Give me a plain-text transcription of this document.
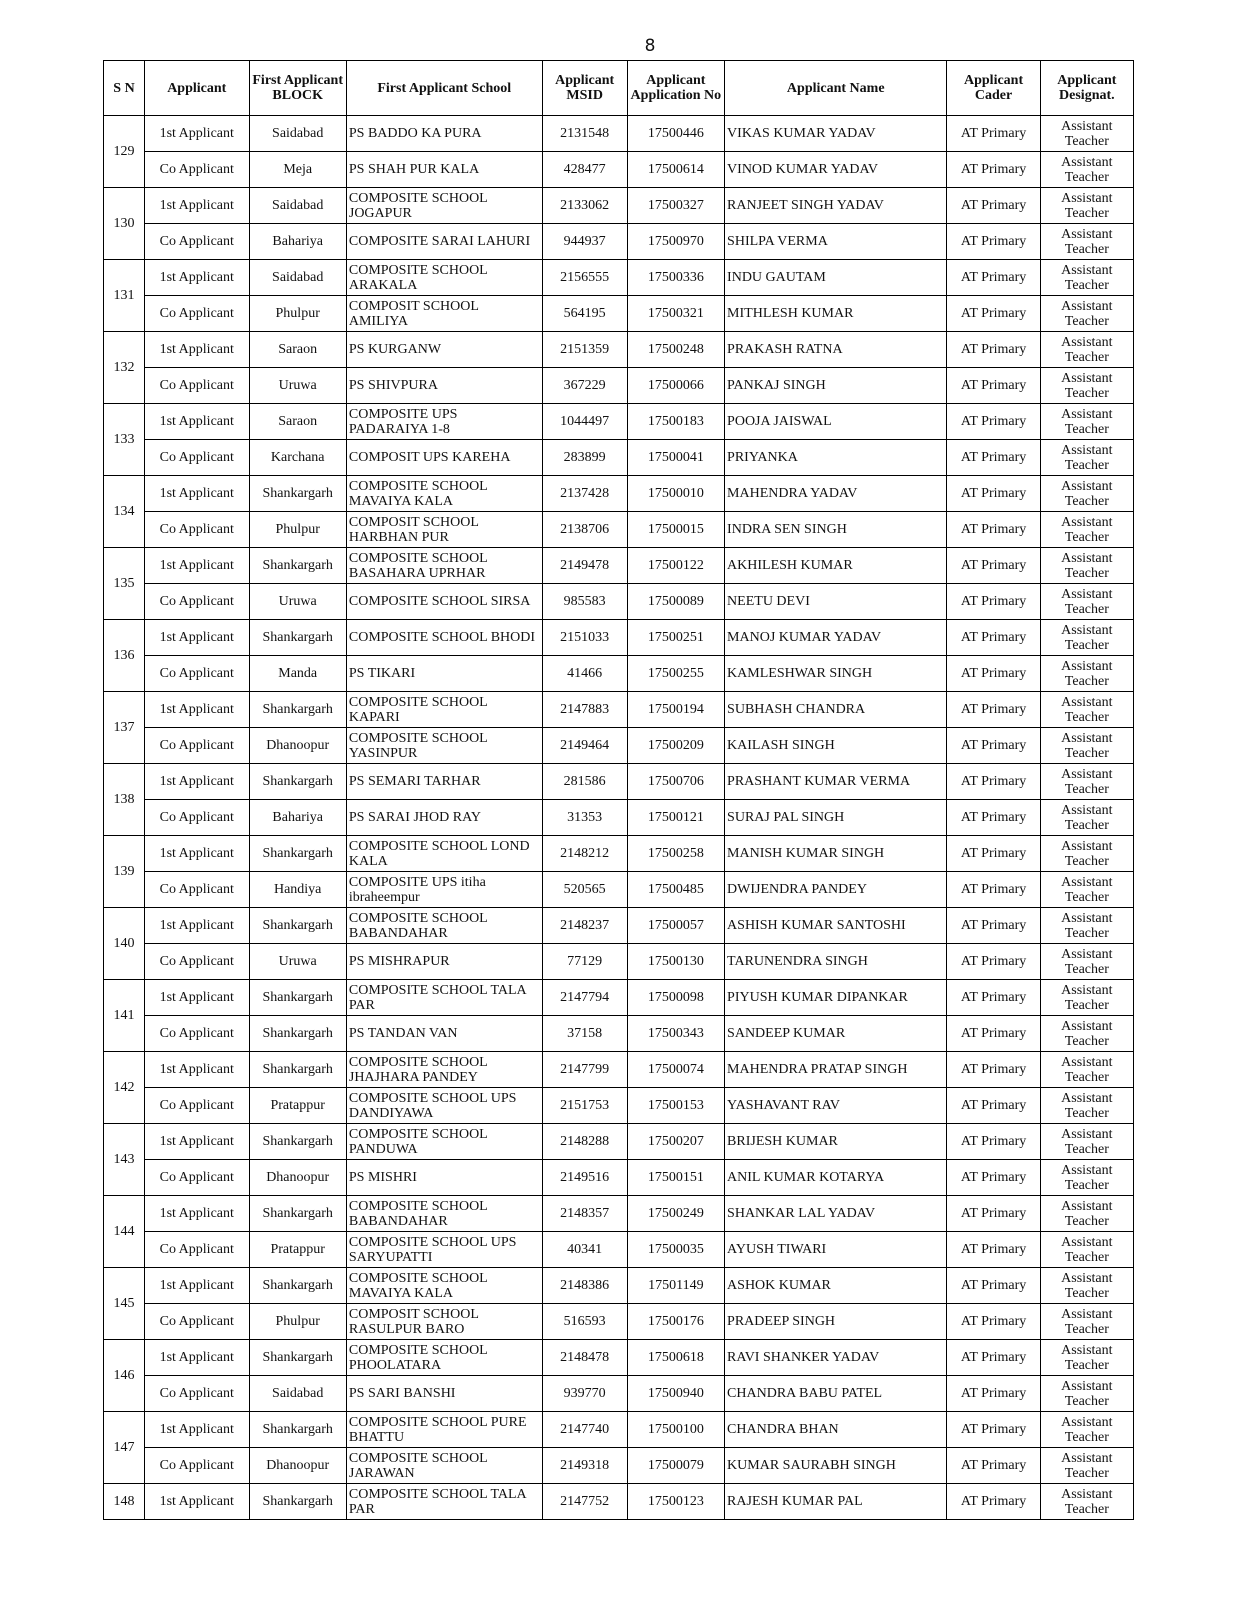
8
S N	Applicant	First Applicant BLOCK	First Applicant School	Applicant MSID	Applicant Application No	Applicant Name	Applicant Cader	Applicant Designat.
129	1st Applicant	Saidabad	PS BADDO KA PURA	2131548	17500446	VIKAS KUMAR YADAV	AT Primary	Assistant Teacher
	Co Applicant	Meja	PS SHAH PUR KALA	428477	17500614	VINOD KUMAR YADAV	AT Primary	Assistant Teacher
130	1st Applicant	Saidabad	COMPOSITE SCHOOL JOGAPUR	2133062	17500327	RANJEET SINGH YADAV	AT Primary	Assistant Teacher
	Co Applicant	Bahariya	COMPOSITE SARAI LAHURI	944937	17500970	SHILPA VERMA	AT Primary	Assistant Teacher
131	1st Applicant	Saidabad	COMPOSITE SCHOOL ARAKALA	2156555	17500336	INDU GAUTAM	AT Primary	Assistant Teacher
	Co Applicant	Phulpur	COMPOSIT SCHOOL AMILIYA	564195	17500321	MITHLESH KUMAR	AT Primary	Assistant Teacher
132	1st Applicant	Saraon	PS KURGANW	2151359	17500248	PRAKASH RATNA	AT Primary	Assistant Teacher
	Co Applicant	Uruwa	PS SHIVPURA	367229	17500066	PANKAJ SINGH	AT Primary	Assistant Teacher
133	1st Applicant	Saraon	COMPOSITE UPS PADARAIYA 1-8	1044497	17500183	POOJA JAISWAL	AT Primary	Assistant Teacher
	Co Applicant	Karchana	COMPOSIT UPS KAREHA	283899	17500041	PRIYANKA	AT Primary	Assistant Teacher
134	1st Applicant	Shankargarh	COMPOSITE SCHOOL MAVAIYA KALA	2137428	17500010	MAHENDRA YADAV	AT Primary	Assistant Teacher
	Co Applicant	Phulpur	COMPOSIT SCHOOL HARBHAN PUR	2138706	17500015	INDRA SEN SINGH	AT Primary	Assistant Teacher
135	1st Applicant	Shankargarh	COMPOSITE SCHOOL BASAHARA UPRHAR	2149478	17500122	AKHILESH KUMAR	AT Primary	Assistant Teacher
	Co Applicant	Uruwa	COMPOSITE SCHOOL SIRSA	985583	17500089	NEETU DEVI	AT Primary	Assistant Teacher
136	1st Applicant	Shankargarh	COMPOSITE SCHOOL BHODI	2151033	17500251	MANOJ KUMAR YADAV	AT Primary	Assistant Teacher
	Co Applicant	Manda	PS TIKARI	41466	17500255	KAMLESHWAR SINGH	AT Primary	Assistant Teacher
137	1st Applicant	Shankargarh	COMPOSITE SCHOOL KAPARI	2147883	17500194	SUBHASH CHANDRA	AT Primary	Assistant Teacher
	Co Applicant	Dhanoopur	COMPOSITE SCHOOL YASINPUR	2149464	17500209	KAILASH SINGH	AT Primary	Assistant Teacher
138	1st Applicant	Shankargarh	PS SEMARI TARHAR	281586	17500706	PRASHANT KUMAR VERMA	AT Primary	Assistant Teacher
	Co Applicant	Bahariya	PS SARAI JHOD RAY	31353	17500121	SURAJ PAL SINGH	AT Primary	Assistant Teacher
139	1st Applicant	Shankargarh	COMPOSITE SCHOOL LOND KALA	2148212	17500258	MANISH KUMAR SINGH	AT Primary	Assistant Teacher
	Co Applicant	Handiya	COMPOSITE UPS itiha ibraheempur	520565	17500485	DWIJENDRA PANDEY	AT Primary	Assistant Teacher
140	1st Applicant	Shankargarh	COMPOSITE SCHOOL BABANDAHAR	2148237	17500057	ASHISH KUMAR SANTOSHI	AT Primary	Assistant Teacher
	Co Applicant	Uruwa	PS MISHRAPUR	77129	17500130	TARUNENDRA SINGH	AT Primary	Assistant Teacher
141	1st Applicant	Shankargarh	COMPOSITE SCHOOL TALA PAR	2147794	17500098	PIYUSH KUMAR DIPANKAR	AT Primary	Assistant Teacher
	Co Applicant	Shankargarh	PS TANDAN VAN	37158	17500343	SANDEEP KUMAR	AT Primary	Assistant Teacher
142	1st Applicant	Shankargarh	COMPOSITE SCHOOL JHAJHARA PANDEY	2147799	17500074	MAHENDRA PRATAP SINGH	AT Primary	Assistant Teacher
	Co Applicant	Pratappur	COMPOSITE SCHOOL UPS DANDIYAWA	2151753	17500153	YASHAVANT RAV	AT Primary	Assistant Teacher
143	1st Applicant	Shankargarh	COMPOSITE SCHOOL PANDUWA	2148288	17500207	BRIJESH KUMAR	AT Primary	Assistant Teacher
	Co Applicant	Dhanoopur	PS MISHRI	2149516	17500151	ANIL KUMAR KOTARYA	AT Primary	Assistant Teacher
144	1st Applicant	Shankargarh	COMPOSITE SCHOOL BABANDAHAR	2148357	17500249	SHANKAR LAL YADAV	AT Primary	Assistant Teacher
	Co Applicant	Pratappur	COMPOSITE SCHOOL UPS SARYUPATTI	40341	17500035	AYUSH TIWARI	AT Primary	Assistant Teacher
145	1st Applicant	Shankargarh	COMPOSITE SCHOOL MAVAIYA KALA	2148386	17501149	ASHOK KUMAR	AT Primary	Assistant Teacher
	Co Applicant	Phulpur	COMPOSIT SCHOOL RASULPUR BARO	516593	17500176	PRADEEP SINGH	AT Primary	Assistant Teacher
146	1st Applicant	Shankargarh	COMPOSITE SCHOOL PHOOLATARA	2148478	17500618	RAVI SHANKER YADAV	AT Primary	Assistant Teacher
	Co Applicant	Saidabad	PS SARI BANSHI	939770	17500940	CHANDRA BABU PATEL	AT Primary	Assistant Teacher
147	1st Applicant	Shankargarh	COMPOSITE SCHOOL PURE BHATTU	2147740	17500100	CHANDRA BHAN	AT Primary	Assistant Teacher
	Co Applicant	Dhanoopur	COMPOSITE SCHOOL JARAWAN	2149318	17500079	KUMAR SAURABH SINGH	AT Primary	Assistant Teacher
148	1st Applicant	Shankargarh	COMPOSITE SCHOOL TALA PAR	2147752	17500123	RAJESH KUMAR PAL	AT Primary	Assistant Teacher
